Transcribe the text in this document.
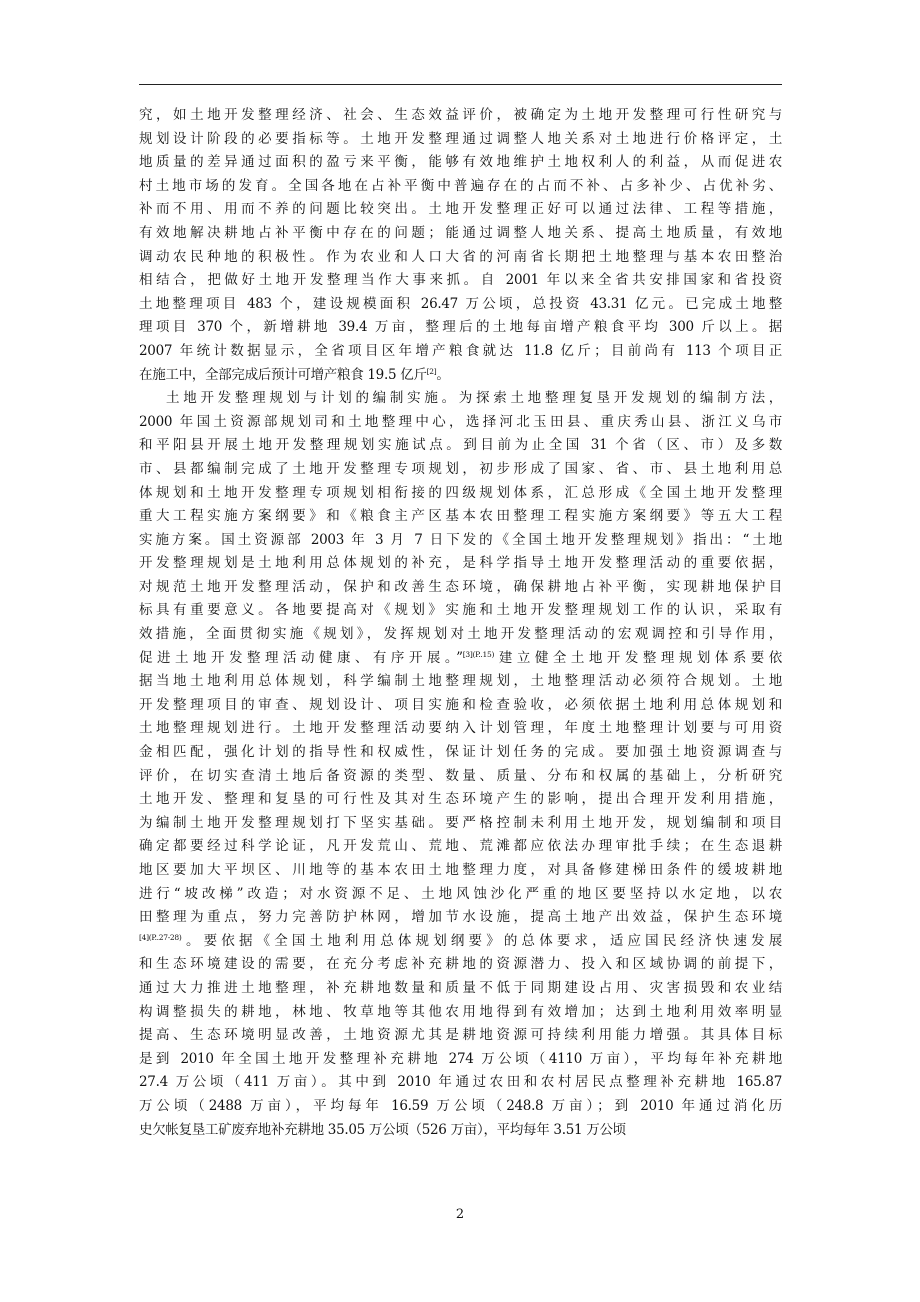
究，如土地开发整理经济、社会、生态效益评价，被确定为土地开发整理可行性研究与
规划设计阶段的必要指标等。土地开发整理通过调整人地关系对土地进行价格评定，土
地质量的差异通过面积的盈亏来平衡，能够有效地维护土地权利人的利益，从而促进农
村土地市场的发育。全国各地在占补平衡中普遍存在的占而不补、占多补少、占优补劣、
补而不用、用而不养的问题比较突出。土地开发整理正好可以通过法律、工程等措施，
有效地解决耕地占补平衡中存在的问题；能通过调整人地关系、提高土地质量，有效地
调动农民种地的积极性。作为农业和人口大省的河南省长期把土地整理与基本农田整治
相结合，把做好土地开发整理当作大事来抓。自 2001 年以来全省共安排国家和省投资
土地整理项目 483 个，建设规模面积 26.47 万公顷，总投资 43.31 亿元。已完成土地整
理项目 370 个，新增耕地 39.4 万亩，整理后的土地每亩增产粮食平均 300 斤以上。据
2007 年统计数据显示，全省项目区年增产粮食就达 11.8 亿斤；目前尚有 113 个项目正
在施工中，全部完成后预计可增产粮食 19.5 亿斤[2]。
土地开发整理规划与计划的编制实施。为探索土地整理复垦开发规划的编制方法，
2000 年国土资源部规划司和土地整理中心，选择河北玉田县、重庆秀山县、浙江义乌市
和平阳县开展土地开发整理规划实施试点。到目前为止全国 31 个省（区、市）及多数
市、县都编制完成了土地开发整理专项规划，初步形成了国家、省、市、县土地利用总
体规划和土地开发整理专项规划相衔接的四级规划体系，汇总形成《全国土地开发整理
重大工程实施方案纲要》和《粮食主产区基本农田整理工程实施方案纲要》等五大工程
实施方案。国土资源部 2003 年 3 月 7 日下发的《全国土地开发整理规划》指出：“土地
开发整理规划是土地利用总体规划的补充，是科学指导土地开发整理活动的重要依据，
对规范土地开发整理活动，保护和改善生态环境，确保耕地占补平衡，实现耕地保护目
标具有重要意义。各地要提高对《规划》实施和土地开发整理规划工作的认识，采取有
效措施，全面贯彻实施《规划》，发挥规划对土地开发整理活动的宏观调控和引导作用，
促进土地开发整理活动健康、有序开展。”$^{[3](P..15)}$建立健全土地开发整理规划体系要依
据当地土地利用总体规划，科学编制土地整理规划，土地整理活动必须符合规划。土地
开发整理项目的审查、规划设计、项目实施和检查验收，必须依据土地利用总体规划和
土地整理规划进行。土地开发整理活动要纳入计划管理，年度土地整理计划要与可用资
金相匹配，强化计划的指导性和权威性，保证计划任务的完成。要加强土地资源调查与
评价，在切实查清土地后备资源的类型、数量、质量、分布和权属的基础上，分析研究
土地开发、整理和复垦的可行性及其对生态环境产生的影响，提出合理开发利用措施，
为编制土地开发整理规划打下坚实基础。要严格控制未利用土地开发，规划编制和项目
确定都要经过科学论证，凡开发荒山、荒地、荒滩都应依法办理审批手续；在生态退耕
地区要加大平坝区、川地等的基本农田土地整理力度，对具备修建梯田条件的缓坡耕地
进行“坡改梯”改造；对水资源不足、土地风蚀沙化严重的地区要坚持以水定地，以农
田整理为重点，努力完善防护林网，增加节水设施，提高土地产出效益，保护生态环境
$^{[4](P..27-28)}$。要依据《全国土地利用总体规划纲要》的总体要求，适应国民经济快速发展
和生态环境建设的需要，在充分考虑补充耕地的资源潜力、投入和区域协调的前提下，
通过大力推进土地整理，补充耕地数量和质量不低于同期建设占用、灾害损毁和农业结
构调整损失的耕地，林地、牧草地等其他农用地得到有效增加；达到土地利用效率明显
提高、生态环境明显改善，土地资源尤其是耕地资源可持续利用能力增强。其具体目标
是到 2010 年全国土地开发整理补充耕地 274 万公顷（4110 万亩），平均每年补充耕地
27.4 万公顷（411 万亩）。其中到 2010 年通过农田和农村居民点整理补充耕地 165.87
万公顷（2488 万亩），平均每年 16.59 万公顷（248.8 万亩）；到 2010 年通过消化历
史欠帐复垦工矿废弃地补充耕地 35.05 万公顷（526 万亩），平均每年 3.51 万公顷
2
